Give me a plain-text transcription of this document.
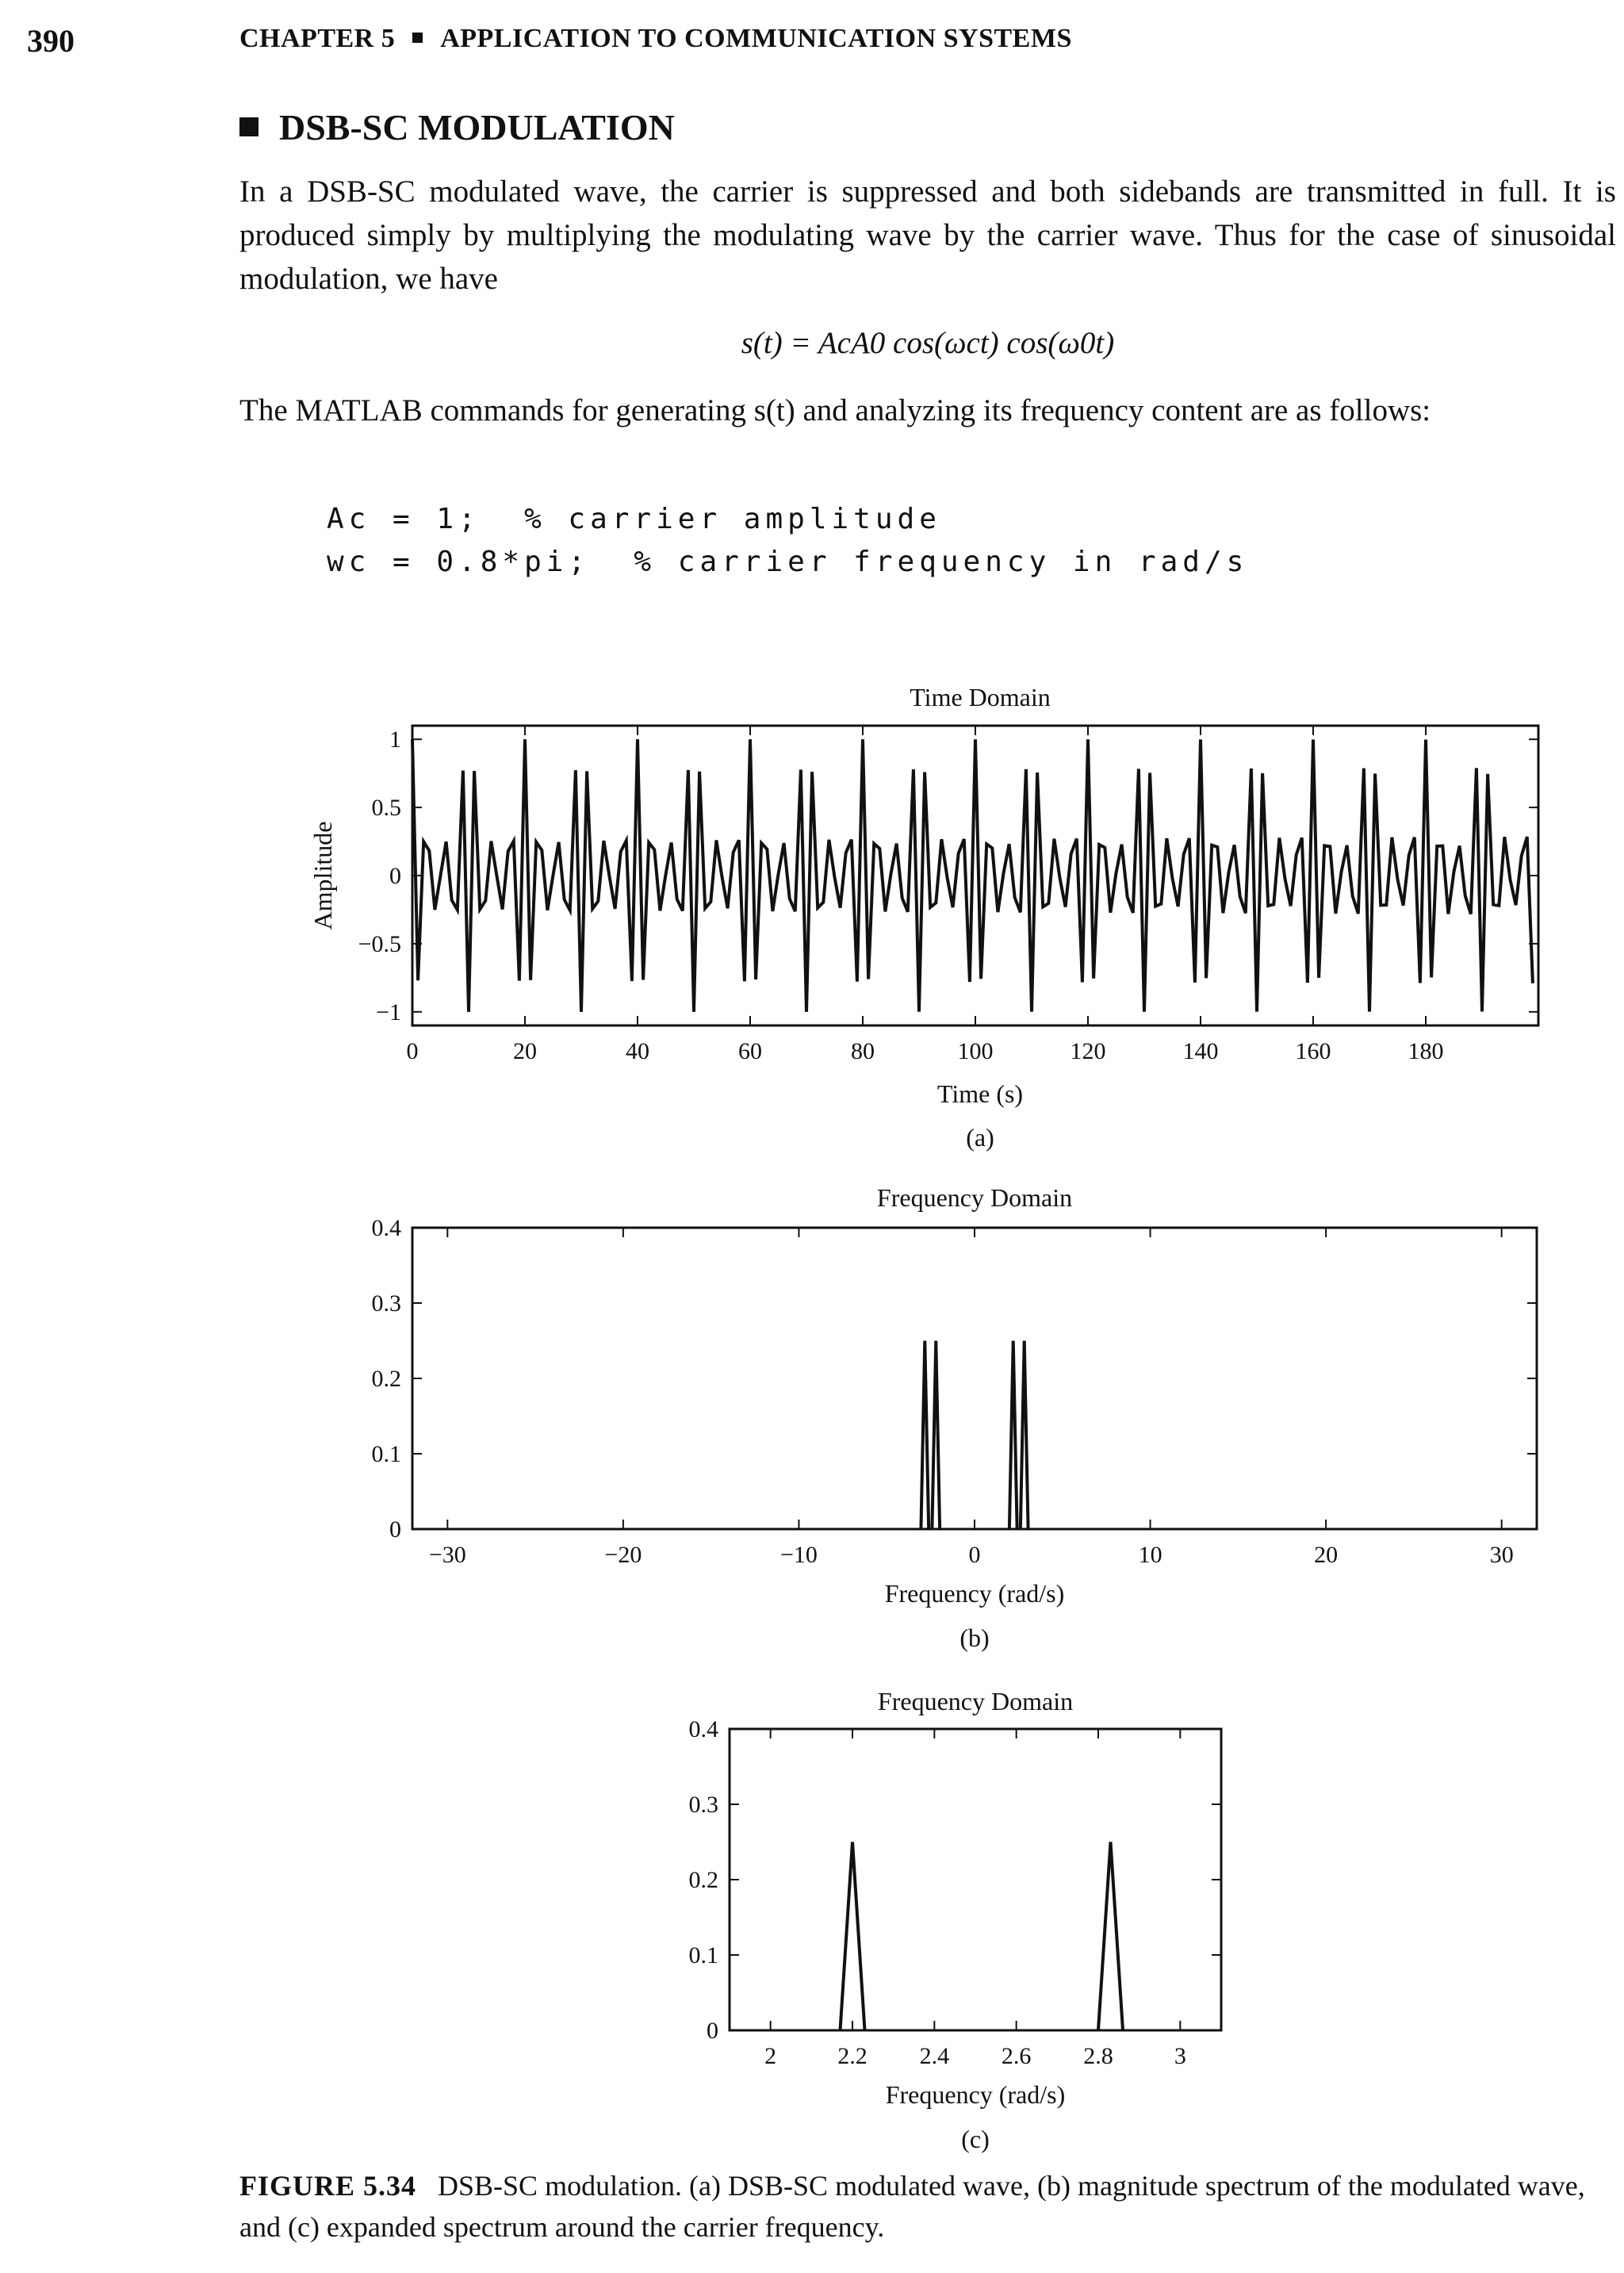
390	CHAPTER 5 APPLICATION TO COMMUNICATION SYSTEMS
DSB-SC MODULATION
In a DSB-SC modulated wave, the carrier is suppressed and both sidebands are transmitted in full. It is produced simply by multiplying the modulating wave by the carrier wave. Thus for the case of sinusoidal modulation, we have
s(t) = AcA0 cos(ωct) cos(ω0t)
The MATLAB commands for generating s(t) and analyzing its frequency content are as follows:
Ac = 1;  % carrier amplitude
wc = 0.8*pi;  % carrier frequency in rad/s
Time Domain
0	20	40	60	80	100	120	140	160	180
1
0.5
0
−0.5
−1
Time (s)
Amplitude
(a)
Frequency Domain
−30	−20	−10	0	10	20	30
0.4
0.3
0.2
0.1
0
Frequency (rad/s)
(b)
Frequency Domain
2	2.2 2.4 2.6 2.8	3
0.4
0.3
0.2
0.1
0
Frequency (rad/s)
(c)
FIGURE 5.34 DSB-SC modulation. (a) DSB-SC modulated wave, (b) magnitude spectrum of the modulated wave, and (c) expanded spectrum around the carrier frequency.
